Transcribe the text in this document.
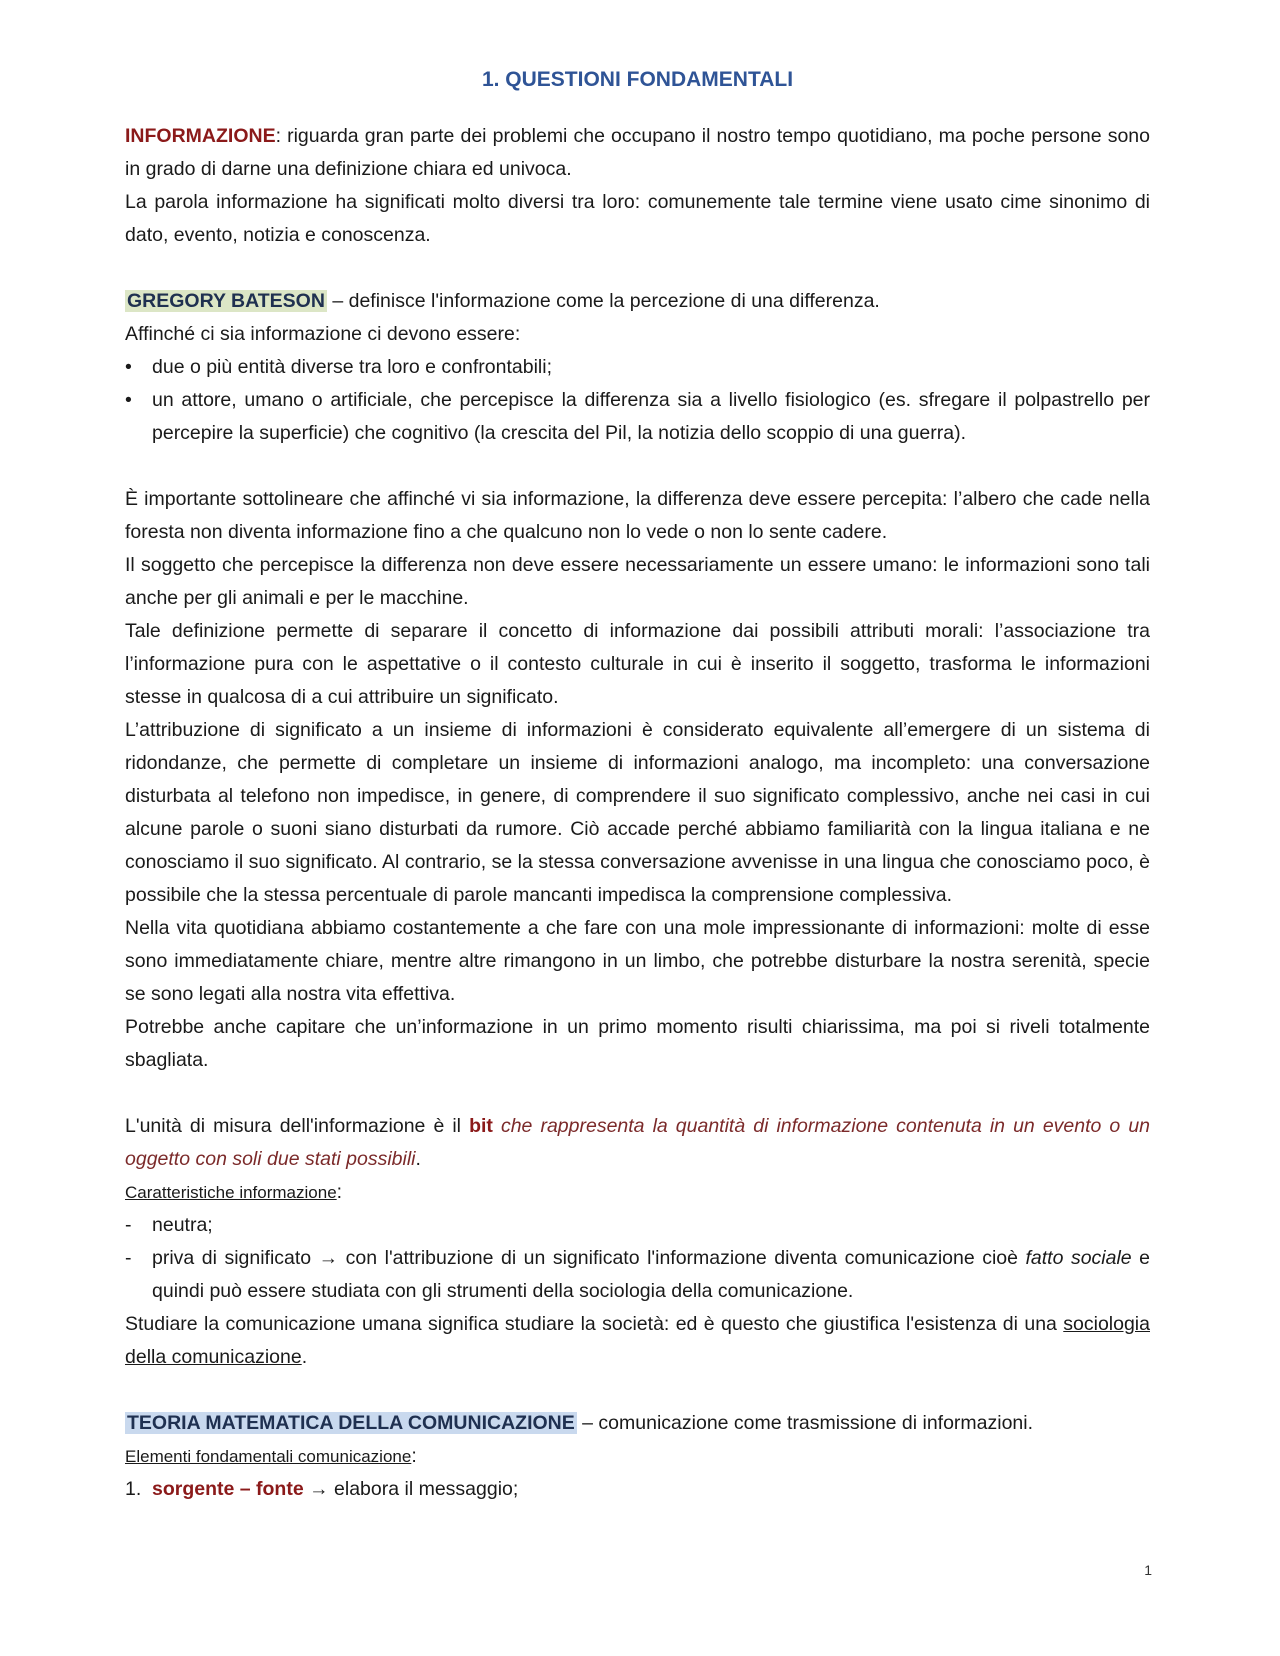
1. QUESTIONI FONDAMENTALI

INFORMAZIONE: riguarda gran parte dei problemi che occupano il nostro tempo quotidiano, ma poche persone sono in grado di darne una definizione chiara ed univoca.

La parola informazione ha significati molto diversi tra loro: comunemente tale termine viene usato cime sinonimo di dato, evento, notizia e conoscenza.

GREGORY BATESON – definisce l'informazione come la percezione di una differenza.

Affinché ci sia informazione ci devono essere:

• due o più entità diverse tra loro e confrontabili;
• un attore, umano o artificiale, che percepisce la differenza sia a livello fisiologico (es. sfregare il polpastrello per percepire la superficie) che cognitivo (la crescita del Pil, la notizia dello scoppio di una guerra).

È importante sottolineare che affinché vi sia informazione, la differenza deve essere percepita: l’albero che cade nella foresta non diventa informazione fino a che qualcuno non lo vede o non lo sente cadere.

Il soggetto che percepisce la differenza non deve essere necessariamente un essere umano: le informazioni sono tali anche per gli animali e per le macchine.

Tale definizione permette di separare il concetto di informazione dai possibili attributi morali: l’associazione tra l’informazione pura con le aspettative o il contesto culturale in cui è inserito il soggetto, trasforma le informazioni stesse in qualcosa di a cui attribuire un significato.

L’attribuzione di significato a un insieme di informazioni è considerato equivalente all’emergere di un sistema di ridondanze, che permette di completare un insieme di informazioni analogo, ma incompleto: una conversazione disturbata al telefono non impedisce, in genere, di comprendere il suo significato complessivo, anche nei casi in cui alcune parole o suoni siano disturbati da rumore. Ciò accade perché abbiamo familiarità con la lingua italiana e ne conosciamo il suo significato. Al contrario, se la stessa conversazione avvenisse in una lingua che conosciamo poco, è possibile che la stessa percentuale di parole mancanti impedisca la comprensione complessiva.

Nella vita quotidiana abbiamo costantemente a che fare con una mole impressionante di informazioni: molte di esse sono immediatamente chiare, mentre altre rimangono in un limbo, che potrebbe disturbare la nostra serenità, specie se sono legati alla nostra vita effettiva.

Potrebbe anche capitare che un’informazione in un primo momento risulti chiarissima, ma poi si riveli totalmente sbagliata.

L'unità di misura dell'informazione è il bit che rappresenta la quantità di informazione contenuta in un evento o un oggetto con soli due stati possibili.

Caratteristiche informazione:

- neutra;
- priva di significato → con l'attribuzione di un significato l'informazione diventa comunicazione cioè fatto sociale e quindi può essere studiata con gli strumenti della sociologia della comunicazione.

Studiare la comunicazione umana significa studiare la società: ed è questo che giustifica l'esistenza di una sociologia della comunicazione.

TEORIA MATEMATICA DELLA COMUNICAZIONE – comunicazione come trasmissione di informazioni.

Elementi fondamentali comunicazione:

1. sorgente – fonte → elabora il messaggio;
1
